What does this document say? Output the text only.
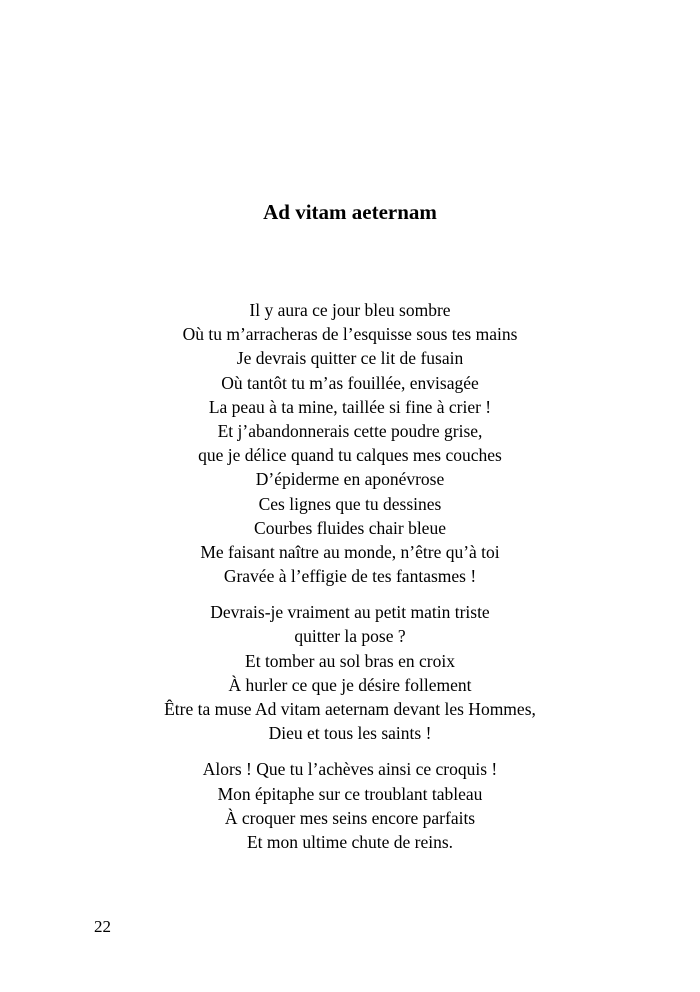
Ad vitam aeternam
Il y aura ce jour bleu sombre
Où tu m’arracheras de l’esquisse sous tes mains
Je devrais quitter ce lit de fusain
Où tantôt tu m’as fouillée, envisagée
La peau à ta mine, taillée si fine à crier !
Et j’abandonnerais cette poudre grise,
que je délice quand tu calques mes couches
D’épiderme en aponévrose
Ces lignes que tu dessines
Courbes fluides chair bleue
Me faisant naître au monde, n’être qu’à toi
Gravée à l’effigie de tes fantasmes !
Devrais-je vraiment au petit matin triste
quitter la pose ?
Et tomber au sol bras en croix
À hurler ce que je désire follement
Être ta muse Ad vitam aeternam devant les Hommes,
Dieu et tous les saints !
Alors ! Que tu l’achèves ainsi ce croquis !
Mon épitaphe sur ce troublant tableau
À croquer mes seins encore parfaits
Et mon ultime chute de reins.
22
